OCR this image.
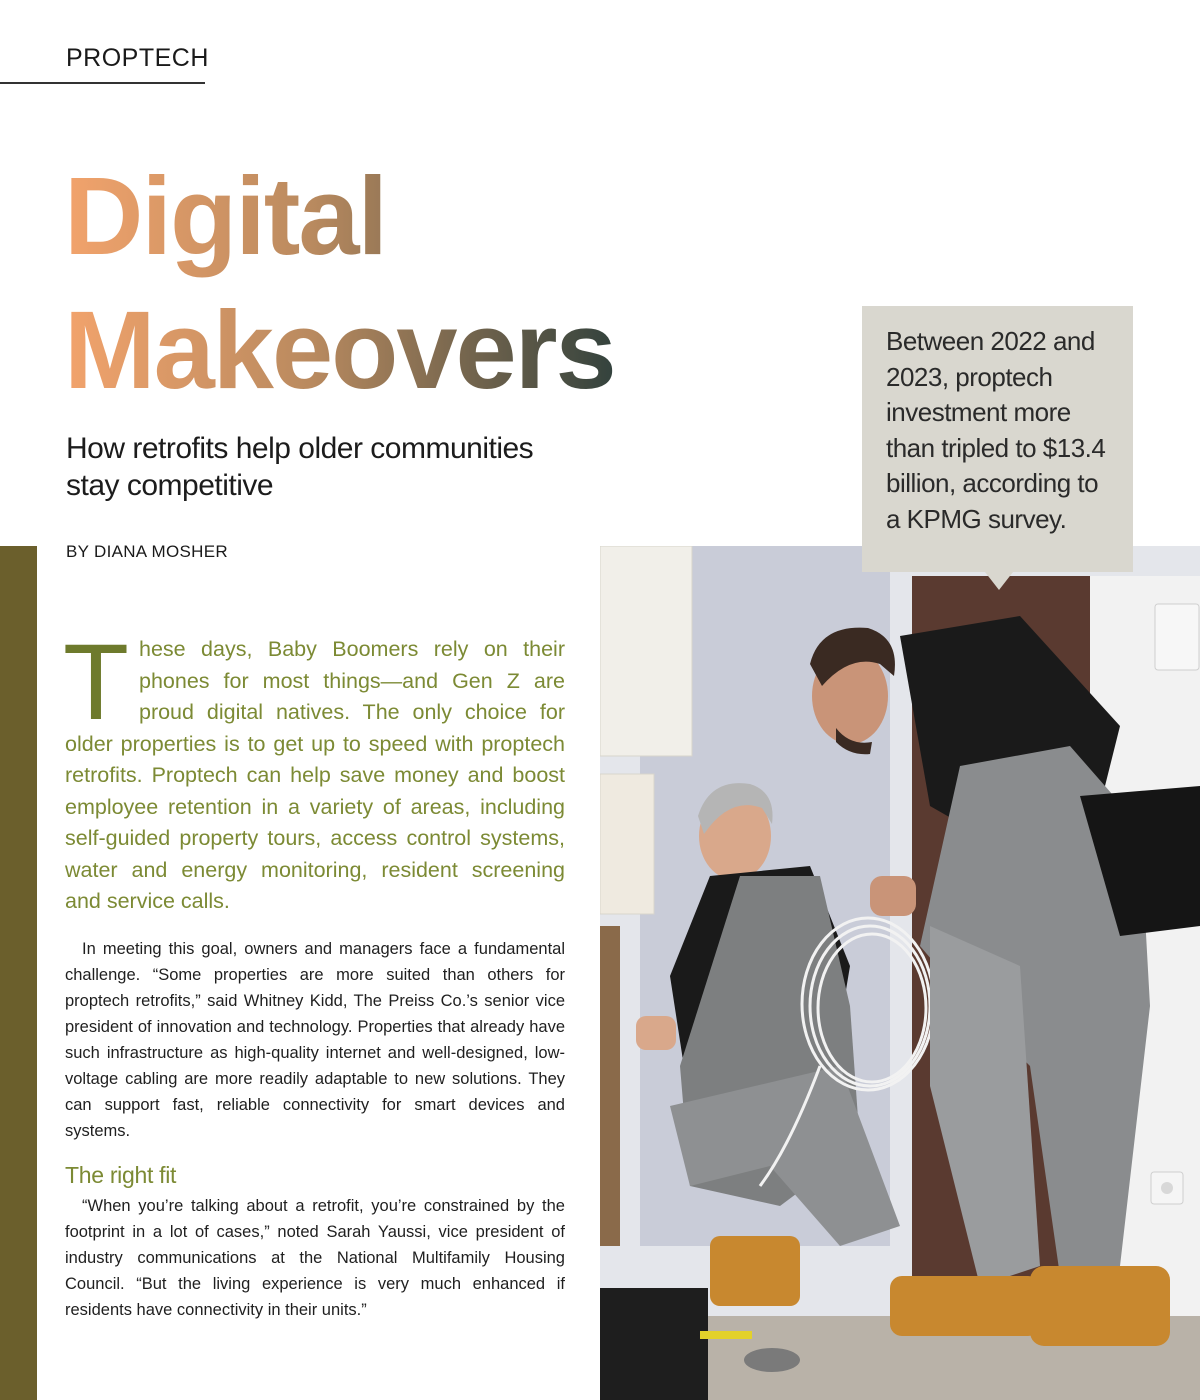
PROPTECH
Digital
Makeovers
How retrofits help older communities stay competitive
BY DIANA MOSHER

These days, Baby Boomers rely on their phones for most things—and Gen Z are proud digital natives. The only choice for older properties is to get up to speed with proptech retrofits. Proptech can help save money and boost employee retention in a variety of areas, including self-guided property tours, access control systems, water and energy monitoring, resident screening and service calls.

In meeting this goal, owners and managers face a fundamental challenge. “Some properties are more suited than others for proptech retrofits,” said Whitney Kidd, The Preiss Co.’s senior vice president of innovation and technology. Properties that already have such infrastructure as high-quality internet and well-designed, low-voltage cabling are more readily adaptable to new solutions. They can support fast, reliable connectivity for smart devices and systems.

The right fit

“When you’re talking about a retrofit, you’re constrained by the footprint in a lot of cases,” noted Sarah Yaussi, vice president of industry communications at the National Multifamily Housing Council. “But the living experience is very much enhanced if residents have connectivity in their units.”

Between 2022 and 2023, proptech investment more than tripled to $13.4 billion, according to a KPMG survey.
